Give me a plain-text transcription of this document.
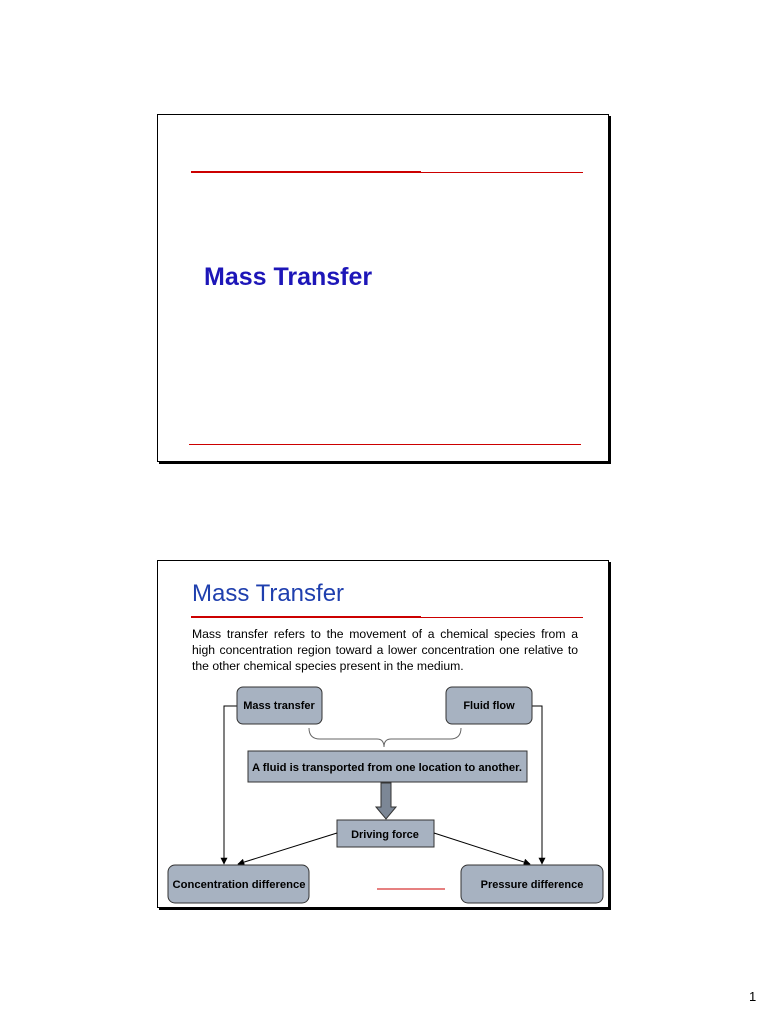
Mass Transfer
Mass Transfer
Mass transfer refers to the movement of a chemical species from a high concentration region toward a lower concentration one relative to the other chemical species present in the medium.
Mass transfer	Fluid flow
A fluid is transported from one location to another.
Driving force
Concentration difference	Pressure difference
1
